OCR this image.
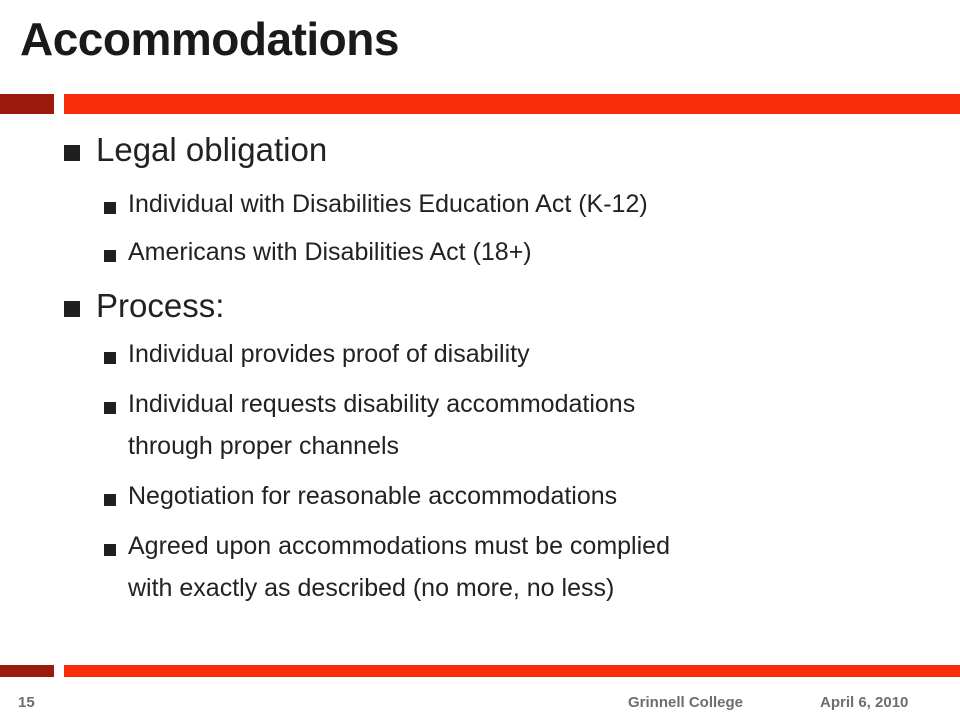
Accommodations
Legal obligation
Individual with Disabilities Education Act (K-12)
Americans with Disabilities Act (18+)
Process:
Individual provides proof of disability
Individual requests disability accommodations
through proper channels
Negotiation for reasonable accommodations
Agreed upon accommodations must be complied
with exactly as described (no more, no less)
15	Grinnell College	April 6, 2010
